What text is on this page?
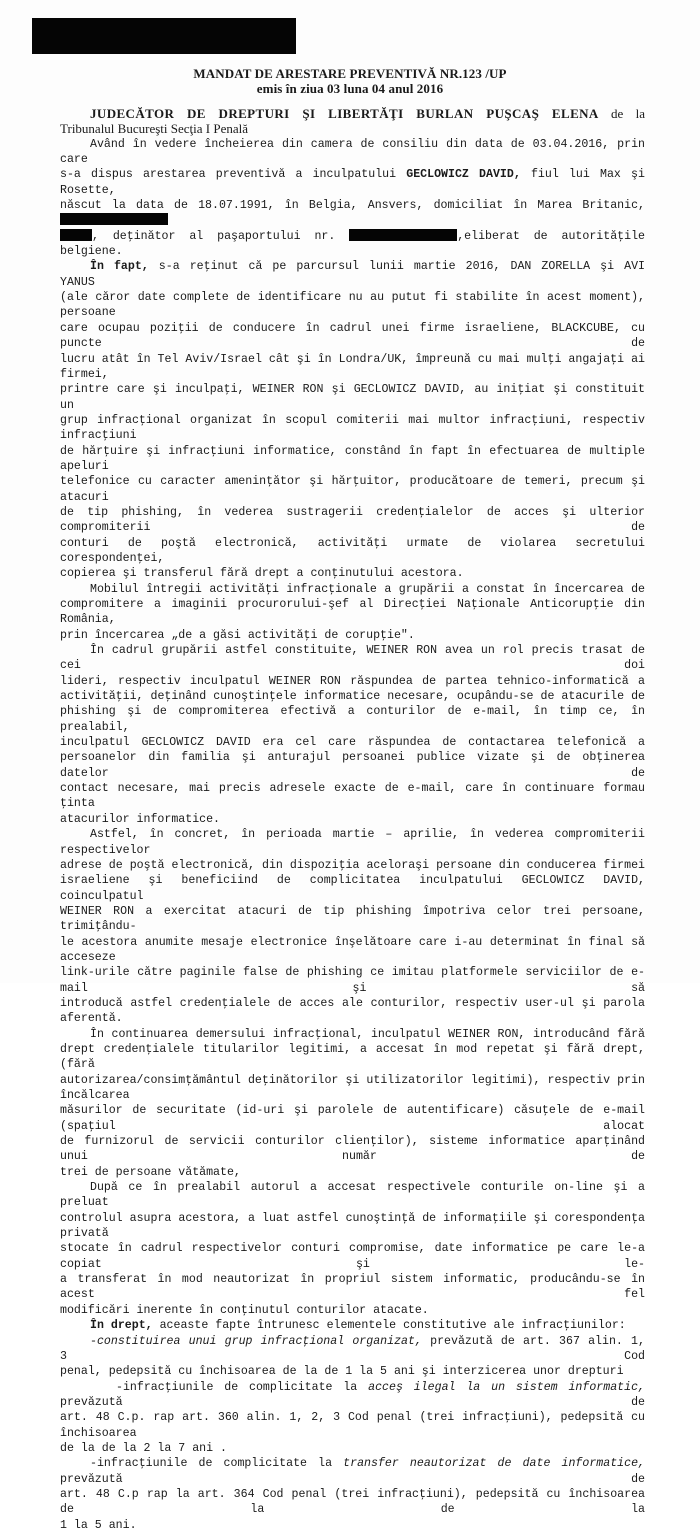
MANDAT DE ARESTARE PREVENTIVĂ NR.123 /UP
emis în ziua 03 luna 04 anul 2016

JUDECĂTOR DE DREPTURI ŞI LIBERTĂŢI BURLAN PUŞCAŞ ELENA de la

Tribunalul Bucureşti Secţia I Penală

Având în vedere încheierea din camera de consiliu din data de 03.04.2016, prin care

s-a dispus arestarea preventivă a inculpatului GECLOWICZ DAVID, fiul lui Max şi Rosette,

născut la data de 18.07.1991, în Belgia, Ansvers, domiciliat în Marea Britanic,

, deţinător al paşaportului nr.	,eliberat de autorităţile belgiene.

În fapt, s-a reţinut că pe parcursul lunii martie 2016, DAN ZORELLA şi AVI YANUS

(ale căror date complete de identificare nu au putut fi stabilite în acest moment), persoane

care ocupau poziţii de conducere în cadrul unei firme israeliene, BLACKCUBE, cu puncte de

lucru atât în Tel Aviv/Israel cât şi în Londra/UK, împreună cu mai mulţi angajaţi ai firmei,

printre care şi inculpaţi, WEINER RON şi GECLOWICZ DAVID, au iniţiat şi constituit un

grup infracţional organizat în scopul comiterii mai multor infracţiuni, respectiv infracţiuni

de hărţuire şi infracţiuni informatice, constând în fapt în efectuarea de multiple apeluri

telefonice cu caracter ameninţător şi hărţuitor, producătoare de temeri, precum şi atacuri

de tip phishing, în vederea sustragerii credenţialelor de acces şi ulterior compromiterii de

conturi de poştă electronică, activităţi urmate de violarea secretului corespondenţei,

copierea şi transferul fără drept a conţinutului acestora.

Mobilul întregii activităţi infracţionale a grupării a constat în încercarea de

compromitere a imaginii procurorului-şef al Direcţiei Naţionale Anticorupţie din România,

prin încercarea „de a găsi activităţi de corupţie".

În cadrul grupării astfel constituite, WEINER RON avea un rol precis trasat de cei doi

lideri, respectiv inculpatul WEINER RON răspundea de partea tehnico-informatică a

activităţii, deţinând cunoştinţele informatice necesare, ocupându-se de atacurile de

phishing şi de compromiterea efectivă a conturilor de e-mail, în timp ce, în prealabil,

inculpatul GECLOWICZ DAVID era cel care răspundea de contactarea telefonică a

persoanelor din familia şi anturajul persoanei publice vizate şi de obţinerea datelor de

contact necesare, mai precis adresele exacte de e-mail, care în continuare formau ţinta

atacurilor informatice.

Astfel, în concret, în perioada martie – aprilie, în vederea compromiterii respectivelor

adrese de poştă electronică, din dispoziţia aceloraşi persoane din conducerea firmei

israeliene şi beneficiind de complicitatea inculpatului GECLOWICZ DAVID, coinculpatul

WEINER RON a exercitat atacuri de tip phishing împotriva celor trei persoane, trimiţându-

le acestora anumite mesaje electronice înşelătoare care i-au determinat în final să acceseze

link-urile către paginile false de phishing ce imitau platformele serviciilor de e-mail şi să

introducă astfel credenţialele de acces ale conturilor, respectiv user-ul şi parola aferentă.

În continuarea demersului infracţional, inculpatul WEINER RON, introducând fără

drept credenţialele titularilor legitimi, a accesat în mod repetat şi fără drept, (fără

autorizarea/consimţământul deţinătorilor şi utilizatorilor legitimi), respectiv prin încălcarea

măsurilor de securitate (id-uri şi parolele de autentificare) căsuţele de e-mail (spaţiul alocat

de furnizorul de servicii conturilor clienţilor), sisteme informatice aparţinând unui număr de

trei de persoane vătămate,

După ce în prealabil autorul a accesat respectivele conturile on-line şi a preluat

controlul asupra acestora, a luat astfel cunoştinţă de informaţiile şi corespondenţa privată

stocate în cadrul respectivelor conturi compromise, date informatice pe care le-a copiat şi le-

a transferat în mod neautorizat în propriul sistem informatic, producându-se în acest fel

modificări inerente în conţinutul conturilor atacate.

În drept, aceaste fapte întrunesc elementele constitutive ale infracţiunilor:

-constituirea unui grup infracţional organizat, prevăzută de art. 367 alin. 1, 3 Cod

penal, pedepsită cu închisoarea de la de 1 la 5 ani şi interzicerea unor drepturi

-infracţiunile de complicitate la acceş ilegal la un sistem informatic, prevăzută de

art. 48 C.p. rap art. 360 alin. 1, 2, 3 Cod penal (trei infracţiuni), pedepsită cu închisoarea

de la de la 2 la 7 ani .

-infracţiunile de complicitate la transfer neautorizat de date informatice, prevăzută de

art. 48 C.p rap la art. 364 Cod penal (trei infracţiuni), pedepsită cu închisoarea de la de la

1 la 5 ani.
